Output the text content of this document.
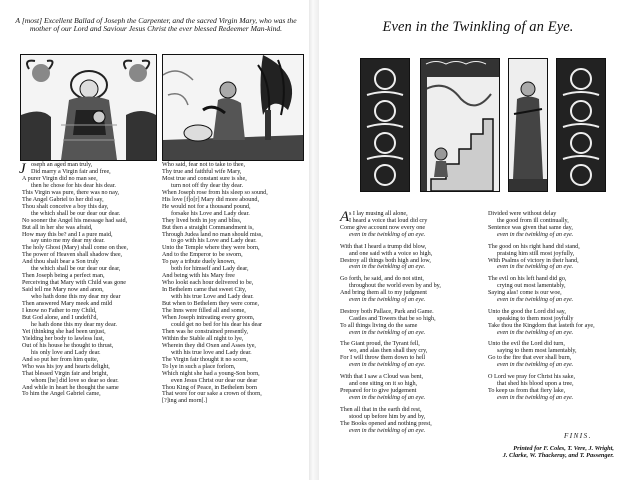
A [most] Excellent Ballad of Joseph the Carpenter, and the sacred Virgin Mary, who was the mother of our Lord and Saviour Jesus Christ the ever blessed Redeemer Man-kind.
J oseph an aged man truly,
Did marry a Virgin fair and free,
A purer Virgin did no man see,
then he chose for his dear his dear.
This Virgin was pure, there was no nay,
The Angel Gabriel to her did say,
Thou shalt conceive a boy this day,
the which shall be our dear our dear.
No sooner the Angel his message had said,
But all in her she was afraid,
How may this be? and I a pure maid,
say unto me my dear my dear.
The holy Ghost (Mary) shall come on thee,
The power of Heaven shall shadow thee,
And thou shalt bear a Son truly
the which shall be our dear our dear,
Then Joseph being a perfect man,
Perceiving that Mary with Child was gone
Said tell me Mary now and anon,
who hath done this my dear my dear
Then answered Mary meek and mild
I know no Father to my Child,
But God alone, and I undefil'd,
he hath done this my dear my dear.
Yet (thinking she had been unjust,
Yielding her body to lawless lust,
Out of his house he thought to thrust,
his only love and Lady dear.
And so put her from him quite,
Who was his joy and hearts delight,
That blessed Virgin fair and bright,
whom [he] did love so dear so dear.
And while in heart he thought the same
To him the Angel Gabriel came,
Who said, fear not to take to thee,
Thy true and faithful wife Mary,
Most true and constant sure is she,
turn not off thy dear thy dear.
When Joseph rose from his sleep so sound,
His love [f]o[r] Mary did more abound,
He would not for a thousand pound,
forsake his Love and Lady dear.
They lived both in joy and bliss,
But then a straight Commandment is,
Through Judea land no man should miss,
to go with his Love and Lady dear.
Unto the Temple where they were born,
And to the Emperor to be sworn,
To pay a tribute duely known,
both for himself and Lady dear,
And being with his Mary free
Who lookt each hour delivered to be,
In Bethelem came that sweet City,
with his true Love and Lady dear.
But when to Bethelem they were come,
The Inns were filled all and some,
When Joseph intreating every groom,
could get no bed for his dear his dear
Then was he constrained presently,
Within the Stable all night to lye,
Wherein they did Oxen and Asses tye,
with his true love and Lady dear.
The Virgin fair thought it no scorn,
To lye in such a place forlorn,
Which night she had a young-Son born,
even Jesus Christ our dear our dear
Thou King of Peace, in Bethelem born
That wore for our sake a crown of thorn,
[?]ing and morn[.]
Even in the Twinkling of an Eye.
A s I lay musing all alone,
I heard a voice that loud did cry
Come give account now every one
even in the twinkling of an eye.
With that I heard a trump did blow,
and one said with a voice so high,
Destroy all things both high and low,
even in the twinkling of an eye.
Go forth, he said, and do not stint,
throughout the world even by and by,
And bring them all to my judgment
even in the twinkling of an eye.
Destroy both Pallace, Park and Game.
Castles and Towers that be so high,
To all things living do the same
even in the twinkling of an eye.
The Giant proud, the Tyrant fell,
wo, and alas then shall they cry,
For I will throw them down to hell
even in the twinkling of an eye.
With that I saw a Cloud was bent,
and one siting on it so high,
Prepared for to give judgement
even in the twinkling of an eye.
Then all that in the earth did rest,
stood up before him by and by,
The Books opened and nothing prest,
even in the twinkling of an eye.
Divided were without delay
the good from ill continually,
Sentence was given that same day,
even in the twinkling of an eye.
The good on his right hand did stand,
praising him still most joyfully,
With Psalms of victory in their hand,
even in the twinkling of an eye.
The evil on his left hand did go,
crying out most lamentably,
Saying alas! come is our woe,
even in the twinkling of an eye.
Unto the good the Lord did say,
speaking to them most joyfully
Take thou the Kingdom that lasteth for aye,
even in the twinkling of an eye.
Unto the evil the Lord did turn,
saying to them most lamentably,
Go to the fire that ever shall burn,
even in the twinkling of an eye.
O Lord we pray for Christ his sake,
that shed his blood upon a tree,
To keep us from that fiery lake,
even in the twinkling of an eye.
FINIS.
Printed for F. Coles, T. Vere, J. Wright,
J. Clarke, W. Thackeray, and T. Passenger.
